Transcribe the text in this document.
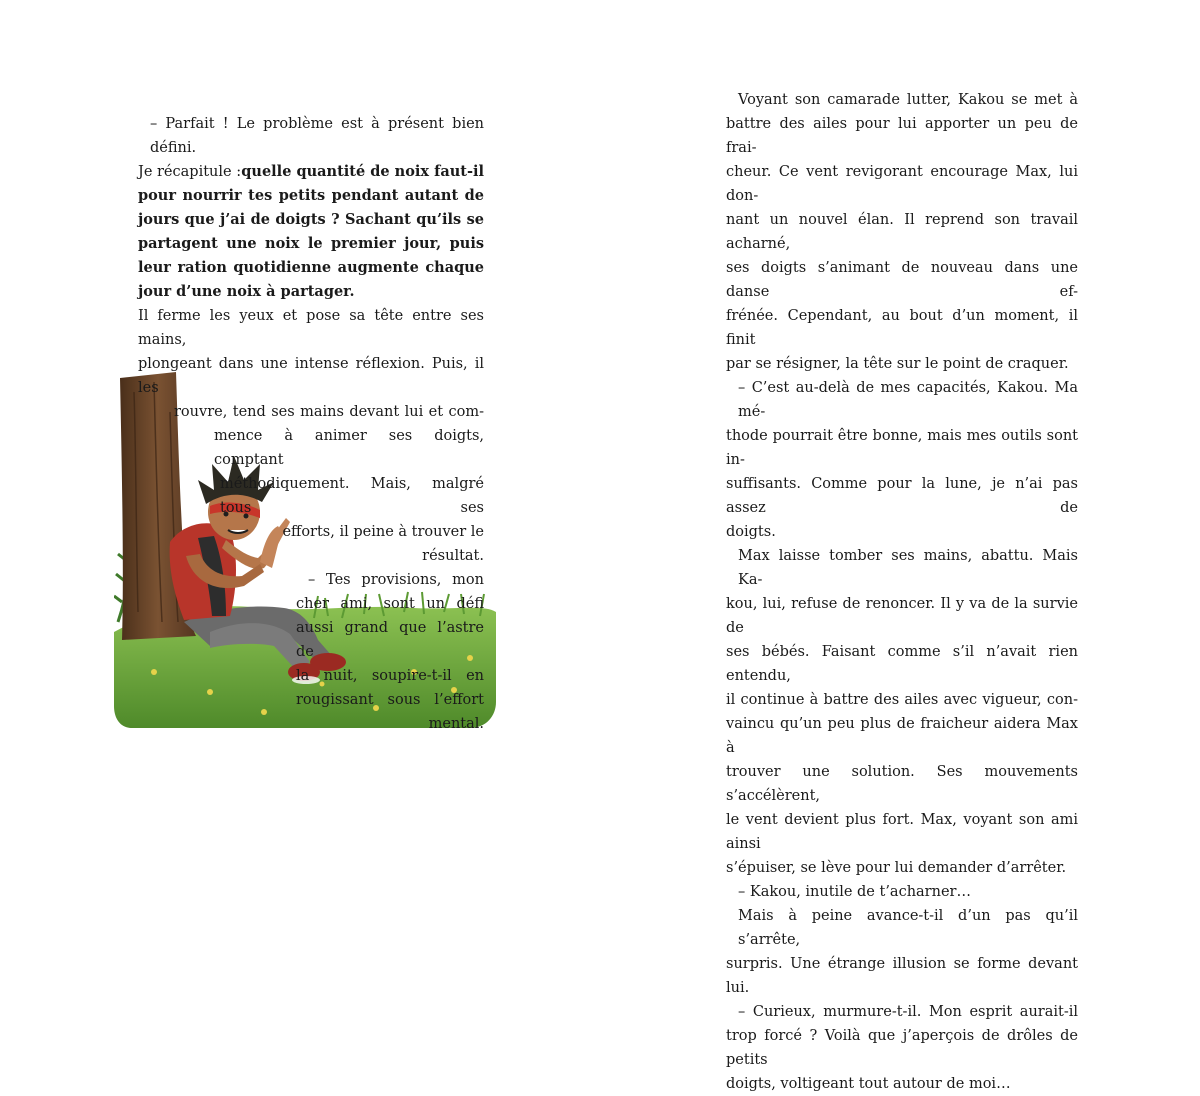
– Parfait ! Le problème est à présent bien défini.
Je récapitule : quelle quantité de noix faut-il
pour nourrir tes petits pendant autant de
jours que j’ai de doigts ? Sachant qu’ils se
partagent une noix le premier jour, puis
leur ration quotidienne augmente chaque
jour d’une noix à partager.
Il ferme les yeux et pose sa tête entre ses mains,
plongeant dans une intense réflexion. Puis, il les
rouvre, tend ses mains devant lui et com-
mence à animer ses doigts, comptant
méthodiquement. Mais, malgré tous ses
efforts, il peine à trouver le résultat.
– Tes provisions, mon
cher ami, sont un défi
aussi grand que l’astre de
la nuit, soupire-t-il en
rougissant sous l’effort
mental.
Voyant son camarade lutter, Kakou se met à
battre des ailes pour lui apporter un peu de frai-
cheur. Ce vent revigorant encourage Max, lui don-
nant un nouvel élan. Il reprend son travail acharné,
ses doigts s’animant de nouveau dans une danse ef-
frénée. Cependant, au bout d’un moment, il finit
par se résigner, la tête sur le point de craquer.
– C’est au-delà de mes capacités, Kakou. Ma mé-
thode pourrait être bonne, mais mes outils sont in-
suffisants. Comme pour la lune, je n’ai pas assez de
doigts.
Max laisse tomber ses mains, abattu. Mais Ka-
kou, lui, refuse de renoncer. Il y va de la survie de
ses bébés. Faisant comme s’il n’avait rien entendu,
il continue à battre des ailes avec vigueur, con-
vaincu qu’un peu plus de fraicheur aidera Max à
trouver une solution. Ses mouvements s’accélèrent,
le vent devient plus fort. Max, voyant son ami ainsi
s’épuiser, se lève pour lui demander d’arrêter.
– Kakou, inutile de t’acharner…
Mais à peine avance-t-il d’un pas qu’il s’arrête,
surpris. Une étrange illusion se forme devant lui.
– Curieux, murmure-t-il. Mon esprit aurait-il
trop forcé ? Voilà que j’aperçois de drôles de petits
doigts, voltigeant tout autour de moi…
